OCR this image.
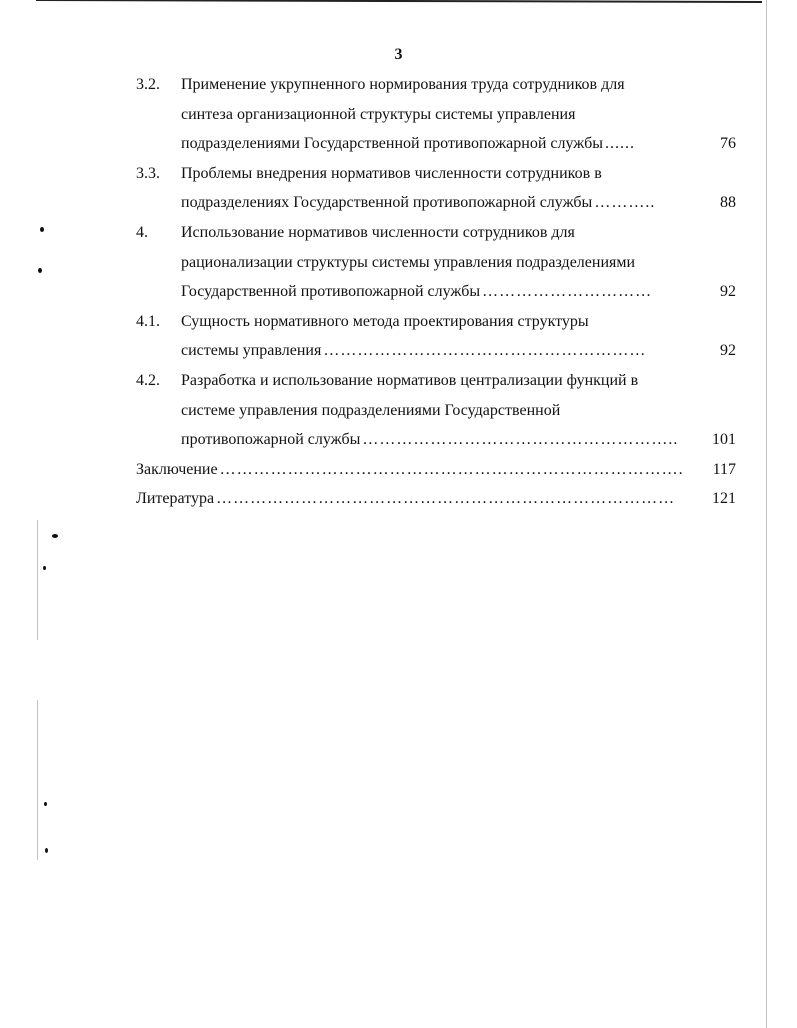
3
3.2.	Применение укрупненного нормирования труда сотрудников для
синтеза организационной структуры системы управления
подразделениями Государственной противопожарной службы ......	76
3.3.	Проблемы внедрения нормативов численности сотрудников в
подразделениях Государственной противопожарной службы ………..	88
4.	Использование нормативов численности сотрудников для
рационализации структуры системы управления подразделениями
Государственной противопожарной службы …………………………	92
4.1.	Сущность нормативного метода проектирования структуры
системы управления …………………………………………………	92
4.2.	Разработка и использование нормативов централизации функций в
системе управления подразделениями Государственной
противопожарной службы ………………………………………………..	101
Заключение ……………………………………………………………………….	117
Литература ………………………………………………………………………	121
